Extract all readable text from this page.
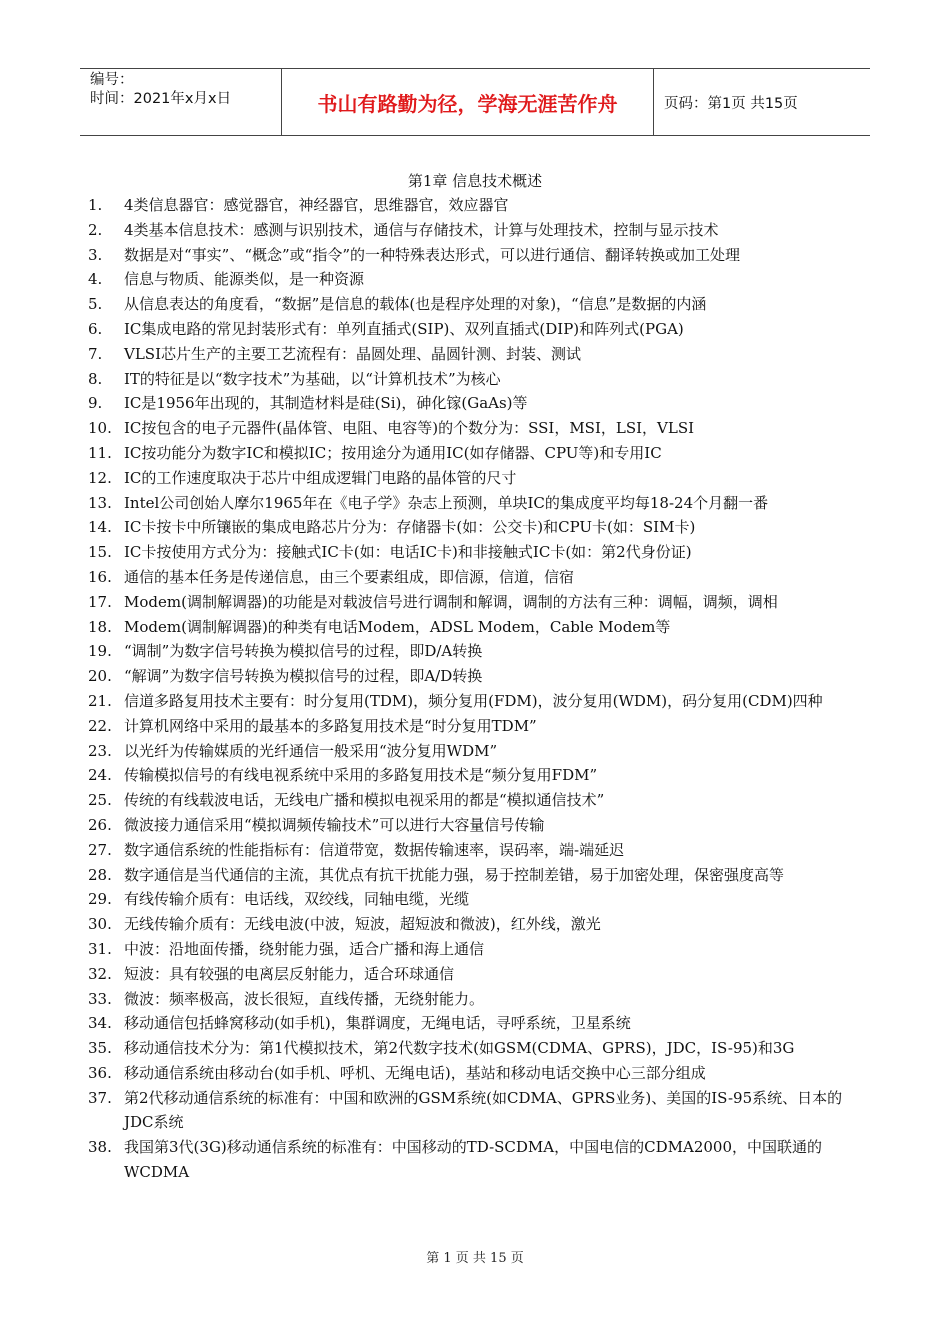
编号：
时间：2021年x月x日	书山有路勤为径，学海无涯苦作舟	页码：第1页 共15页
第1章 信息技术概述
1.	4类信息器官：感觉器官，神经器官，思维器官，效应器官
2.	4类基本信息技术：感测与识别技术，通信与存储技术，计算与处理技术，控制与显示技术
3.	数据是对“事实”、“概念”或“指令”的一种特殊表达形式，可以进行通信、翻译转换或加工处理
4.	信息与物质、能源类似，是一种资源
5.	从信息表达的角度看，“数据”是信息的载体(也是程序处理的对象)，“信息”是数据的内涵
6.	IC集成电路的常见封装形式有：单列直插式(SIP)、双列直插式(DIP)和阵列式(PGA)
7.	VLSI芯片生产的主要工艺流程有：晶圆处理、晶圆针测、封装、测试
8.	IT的特征是以“数字技术”为基础，以“计算机技术”为核心
9.	IC是1956年出现的，其制造材料是硅(Si)，砷化镓(GaAs)等
10. IC按包含的电子元器件(晶体管、电阻、电容等)的个数分为：SSI，MSI，LSI，VLSI
11. IC按功能分为数字IC和模拟IC；按用途分为通用IC(如存储器、CPU等)和专用IC
12. IC的工作速度取决于芯片中组成逻辑门电路的晶体管的尺寸
13. Intel公司创始人摩尔1965年在《电子学》杂志上预测，单块IC的集成度平均每18-24个月翻一番
14. IC卡按卡中所镶嵌的集成电路芯片分为：存储器卡(如：公交卡)和CPU卡(如：SIM卡)
15. IC卡按使用方式分为：接触式IC卡(如：电话IC卡)和非接触式IC卡(如：第2代身份证)
16. 通信的基本任务是传递信息，由三个要素组成，即信源，信道，信宿
17. Modem(调制解调器)的功能是对载波信号进行调制和解调，调制的方法有三种：调幅，调频，调相
18. Modem(调制解调器)的种类有电话Modem，ADSL Modem，Cable Modem等
19. “调制”为数字信号转换为模拟信号的过程，即D/A转换
20. “解调”为数字信号转换为模拟信号的过程，即A/D转换
21. 信道多路复用技术主要有：时分复用(TDM)，频分复用(FDM)，波分复用(WDM)，码分复用(CDM)四种
22. 计算机网络中采用的最基本的多路复用技术是“时分复用TDM”
23. 以光纤为传输媒质的光纤通信一般采用“波分复用WDM”
24. 传输模拟信号的有线电视系统中采用的多路复用技术是“频分复用FDM”
25. 传统的有线载波电话，无线电广播和模拟电视采用的都是“模拟通信技术”
26. 微波接力通信采用“模拟调频传输技术”可以进行大容量信号传输
27. 数字通信系统的性能指标有：信道带宽，数据传输速率，误码率，端-端延迟
28. 数字通信是当代通信的主流，其优点有抗干扰能力强，易于控制差错，易于加密处理，保密强度高等
29. 有线传输介质有：电话线，双绞线，同轴电缆，光缆
30. 无线传输介质有：无线电波(中波，短波，超短波和微波)，红外线，激光
31. 中波：沿地面传播，绕射能力强，适合广播和海上通信
32. 短波：具有较强的电离层反射能力，适合环球通信
33. 微波：频率极高，波长很短，直线传播，无绕射能力。
34. 移动通信包括蜂窝移动(如手机)，集群调度，无绳电话，寻呼系统，卫星系统
35. 移动通信技术分为：第1代模拟技术，第2代数字技术(如GSM(CDMA、GPRS)，JDC，IS-95)和3G
36. 移动通信系统由移动台(如手机、呼机、无绳电话)，基站和移动电话交换中心三部分组成
37. 第2代移动通信系统的标准有：中国和欧洲的GSM系统(如CDMA、GPRS业务)、美国的IS-95系统、日本的JDC系统
38. 我国第3代(3G)移动通信系统的标准有：中国移动的TD-SCDMA，中国电信的CDMA2000，中国联通的WCDMA
第 1 页 共 15 页
